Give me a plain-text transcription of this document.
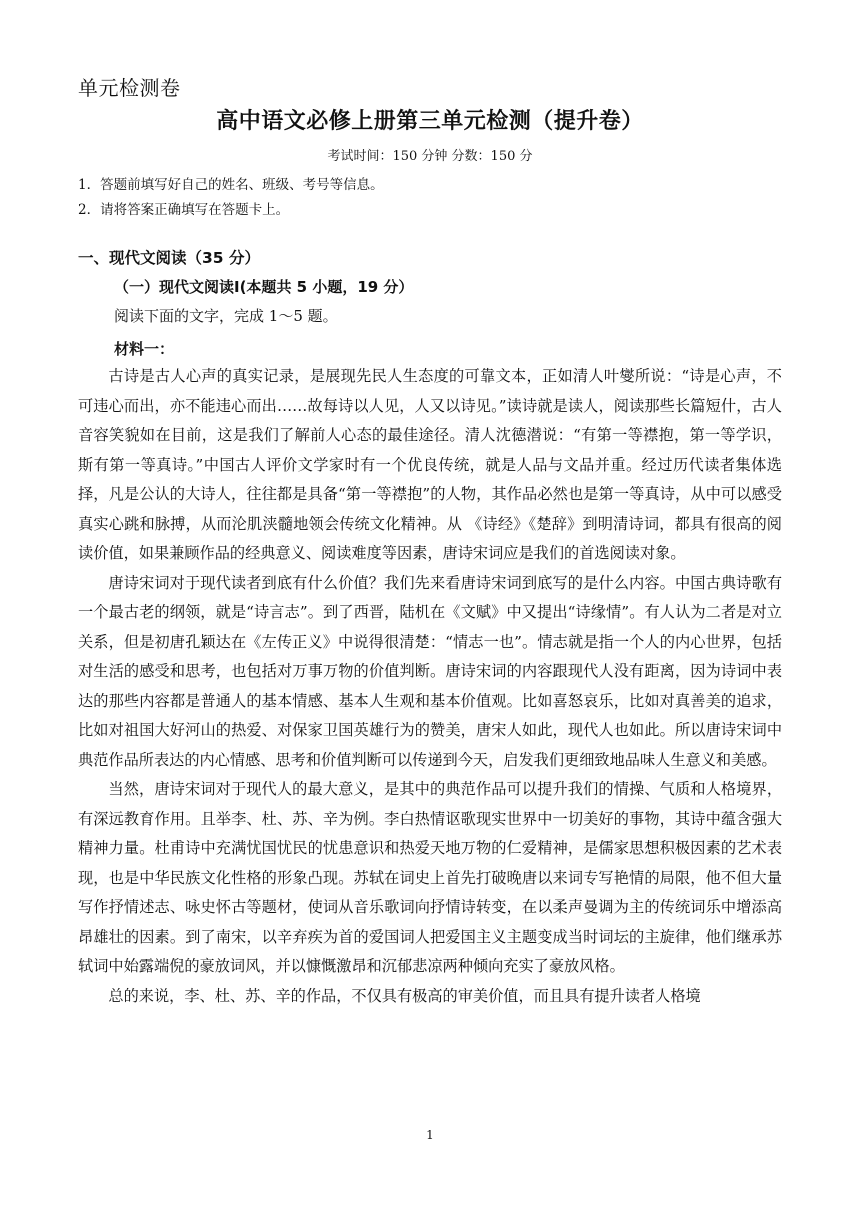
单元检测卷
高中语文必修上册第三单元检测（提升卷）
考试时间：150 分钟 分数：150 分
1．答题前填写好自己的姓名、班级、考号等信息。
2．请将答案正确填写在答题卡上。
一、现代文阅读（35 分）
（一）现代文阅读Ⅰ(本题共 5 小题，19 分）
阅读下面的文字，完成 1～5 题。
材料一：

古诗是古人心声的真实记录，是展现先民人生态度的可靠文本，正如清人叶燮所说：“诗是心声，不可违心而出，亦不能违心而出……故每诗以人见，人又以诗见。”读诗就是读人，阅读那些长篇短什，古人音容笑貌如在目前，这是我们了解前人心态的最佳途径。清人沈德潜说：“有第一等襟抱，第一等学识，斯有第一等真诗。”中国古人评价文学家时有一个优良传统，就是人品与文品并重。经过历代读者集体选择，凡是公认的大诗人，往往都是具备“第一等襟抱”的人物，其作品必然也是第一等真诗，从中可以感受真实心跳和脉搏，从而沦肌浃髓地领会传统文化精神。从 《诗经》《楚辞》到明清诗词，都具有很高的阅读价值，如果兼顾作品的经典意义、阅读难度等因素，唐诗宋词应是我们的首选阅读对象。

唐诗宋词对于现代读者到底有什么价值？我们先来看唐诗宋词到底写的是什么内容。中国古典诗歌有一个最古老的纲领，就是“诗言志”。到了西晋，陆机在《文赋》中又提出“诗缘情”。有人认为二者是对立关系，但是初唐孔颖达在《左传正义》中说得很清楚：“情志一也”。情志就是指一个人的内心世界，包括对生活的感受和思考，也包括对万事万物的价值判断。唐诗宋词的内容跟现代人没有距离，因为诗词中表达的那些内容都是普通人的基本情感、基本人生观和基本价值观。比如喜怒哀乐，比如对真善美的追求，比如对祖国大好河山的热爱、对保家卫国英雄行为的赞美，唐宋人如此，现代人也如此。所以唐诗宋词中典范作品所表达的内心情感、思考和价值判断可以传递到今天，启发我们更细致地品味人生意义和美感。

当然，唐诗宋词对于现代人的最大意义，是其中的典范作品可以提升我们的情操、气质和人格境界，有深远教育作用。且举李、杜、苏、辛为例。李白热情讴歌现实世界中一切美好的事物，其诗中蕴含强大精神力量。杜甫诗中充满忧国忧民的忧患意识和热爱天地万物的仁爱精神，是儒家思想积极因素的艺术表现，也是中华民族文化性格的形象凸现。苏轼在词史上首先打破晚唐以来词专写艳情的局限，他不但大量写作抒情述志、咏史怀古等题材，使词从音乐歌词向抒情诗转变，在以柔声曼调为主的传统词乐中增添高昂雄壮的因素。到了南宋，以辛弃疾为首的爱国词人把爱国主义主题变成当时词坛的主旋律，他们继承苏轼词中始露端倪的豪放词风，并以慷慨激昂和沉郁悲凉两种倾向充实了豪放风格。

总的来说，李、杜、苏、辛的作品，不仅具有极高的审美价值，而且具有提升读者人格境

1
